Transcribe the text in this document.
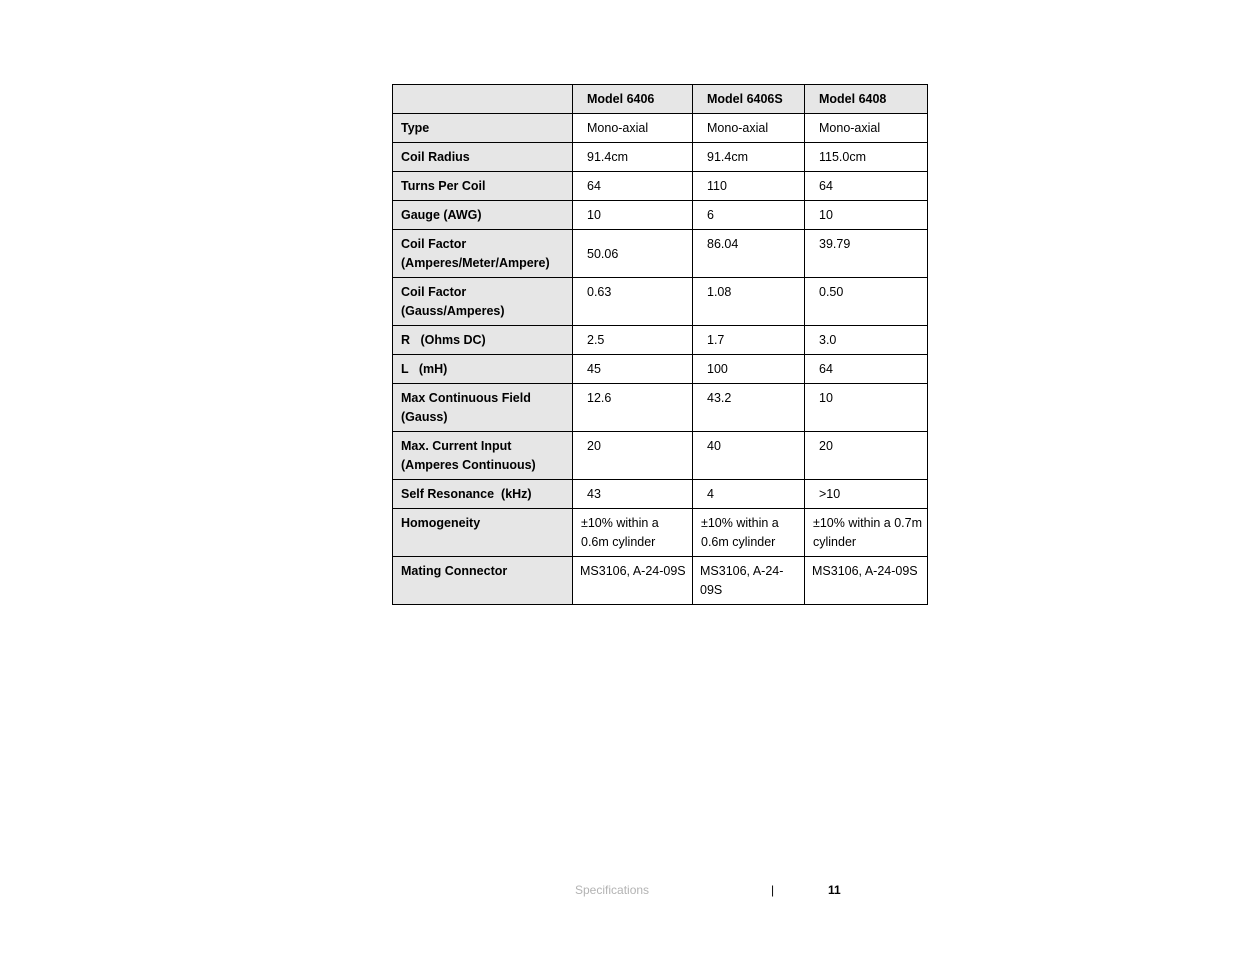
	Model 6406	Model 6406S	Model 6408

Type	Mono-axial	Mono-axial	Mono-axial

Coil Radius	91.4cm	91.4cm	115.0cm

Turns Per Coil	64	110	64

Gauge (AWG)	10	6	10

Coil Factor (Amperes/Meter/Ampere)	50.06	86.04	39.79

Coil Factor (Gauss/Amperes)	0.63	1.08	0.50

R   (Ohms DC)	2.5	1.7	3.0

L   (mH)	45	100	64

Max Continuous Field (Gauss)	12.6	43.2	10

Max. Current Input (Amperes Continuous)	20	40	20

Self Resonance  (kHz)	43	4	>10

Homogeneity	±10% within a 0.6m cylinder	±10% within a 0.6m cylinder	±10% within a 0.7m cylinder

Mating Connector	MS3106, A-24-09S	MS3106, A-24-09S	MS3106, A-24-09S
Specifications	|	11
